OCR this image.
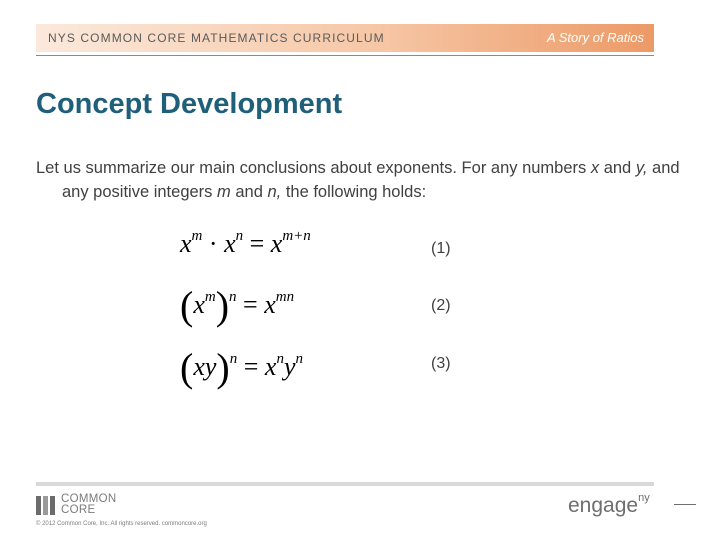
NYS COMMON CORE MATHEMATICS CURRICULUM	A Story of Ratios
Concept Development
Let us summarize our main conclusions about exponents. For any numbers x and y, and any positive integers m and n, the following holds:
$x^m \cdot x^n = x^{m+n}$
(1)
$(x^m)^n = x^{mn}$	(2)
$(xy)^n = x^ny^n$	(3)
COMMON
CORE
© 2012 Common Core, Inc. All rights reserved. commoncore.org
engage$^{ny}$
